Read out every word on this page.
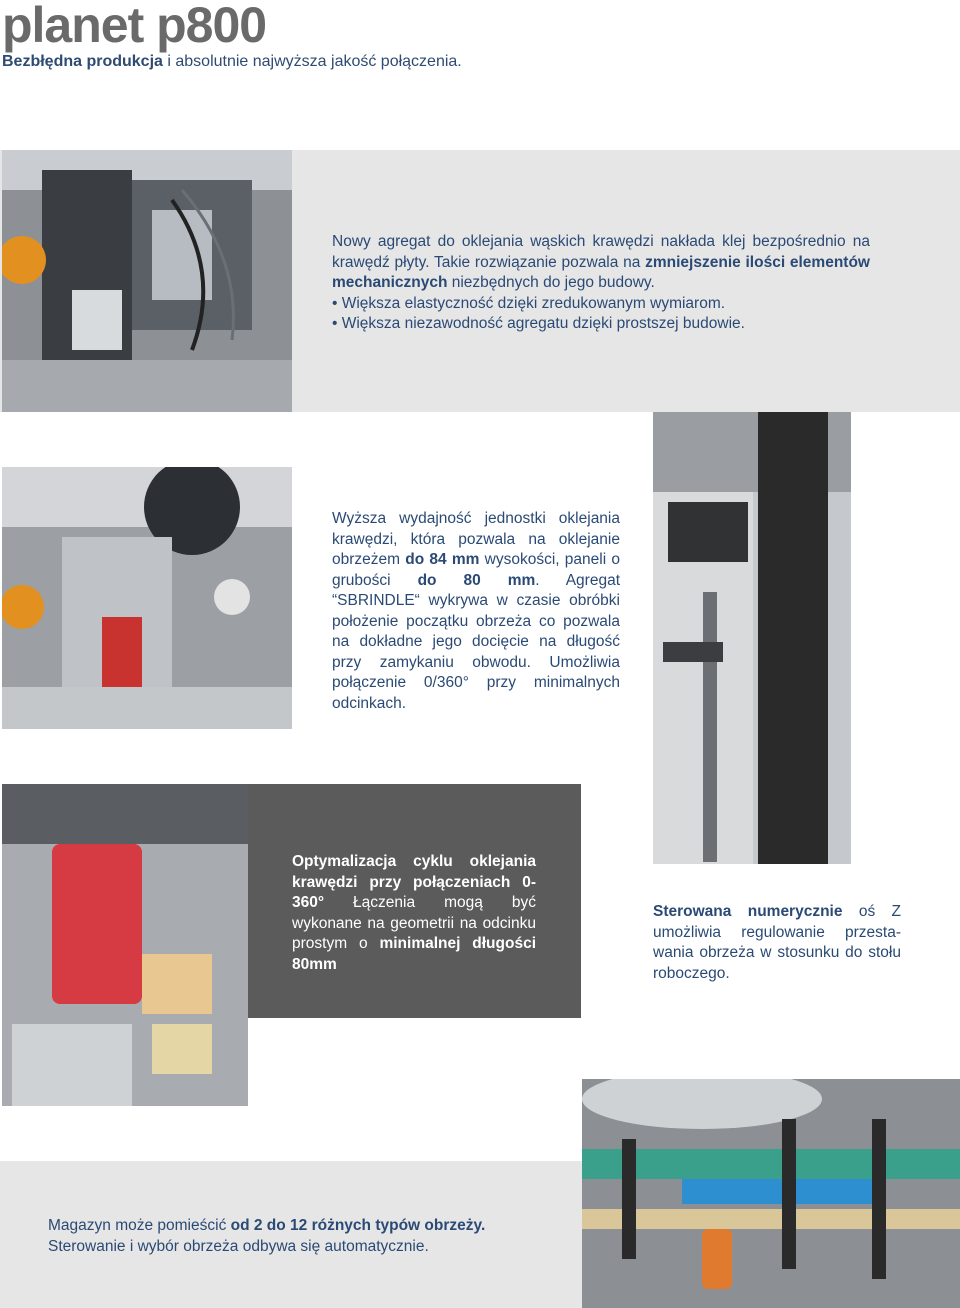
planet p800
Bezbłędna produkcja i absolutnie najwyższa jakość połączenia.
Nowy agregat do oklejania wąskich krawędzi nakłada klej bezpośrednio na krawędź płyty. Takie rozwiązanie pozwala na zmniejszenie ilości elementów mechanicznych niezbędnych do jego budowy.
• Większa elastyczność dzięki zredukowanym wymiarom.
• Większa niezawodność agregatu dzięki prostszej budowie.
Wyższa wydajność jednostki oklejania krawędzi, która pozwala na oklejanie obrzeżem do 84 mm wysokości, paneli o grubości do 80 mm. Agregat “SBRINDLE“ wykrywa w czasie obróbki położenie początku obrzeża co pozwala na dokładne jego docięcie na długość przy zamykaniu obwodu. Umożliwia połączenie 0/360° przy minimalnych odcinkach.
Optymalizacja cyklu oklejania krawędzi przy połączeniach 0-360° Łączenia mogą być wykonane na geometrii na odcinku prostym o minimalnej długości 80mm
Sterowana numerycznie oś Z umożliwia regulowanie przesta-wania obrzeża w stosunku do stołu roboczego.
Magazyn może pomieścić od 2 do 12 różnych typów obrzeży.
Sterowanie i wybór obrzeża odbywa się automatycznie.
